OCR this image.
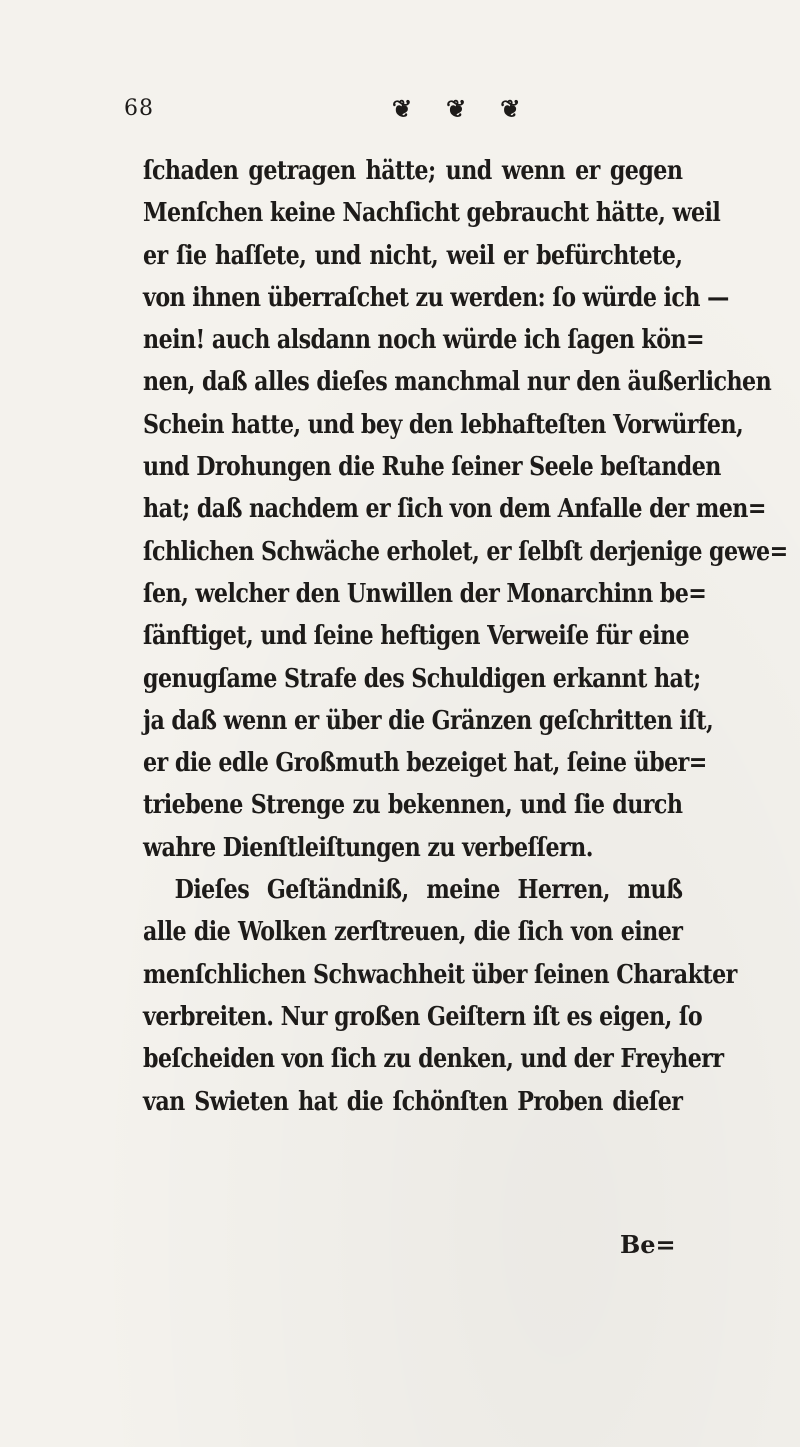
68	❦ ❦ ❦
ſchaden getragen hätte; und wenn er gegen
Menſchen keine Nachſicht gebraucht hätte, weil
er ſie haſſete, und nicht, weil er befürchtete,
von ihnen überraſchet zu werden: ſo würde ich —
nein! auch alsdann noch würde ich ſagen kön=
nen, daß alles dieſes manchmal nur den äußerlichen
Schein hatte, und bey den lebhafteſten Vorwürfen,
und Drohungen die Ruhe ſeiner Seele beſtanden
hat; daß nachdem er ſich von dem Anfalle der men=
ſchlichen Schwäche erholet, er ſelbſt derjenige gewe=
ſen, welcher den Unwillen der Monarchinn be=
ſänftiget, und ſeine heftigen Verweiſe für eine
genugſame Strafe des Schuldigen erkannt hat;
ja daß wenn er über die Gränzen geſchritten iſt,
er die edle Großmuth bezeiget hat, ſeine über=
triebene Strenge zu bekennen, und ſie durch
wahre Dienſtleiſtungen zu verbeſſern.
Dieſes Geſtändniß, meine Herren, muß
alle die Wolken zerſtreuen, die ſich von einer
menſchlichen Schwachheit über ſeinen Charakter
verbreiten. Nur großen Geiſtern iſt es eigen, ſo
beſcheiden von ſich zu denken, und der Freyherr
van Swieten hat die ſchönſten Proben dieſer
Be=
